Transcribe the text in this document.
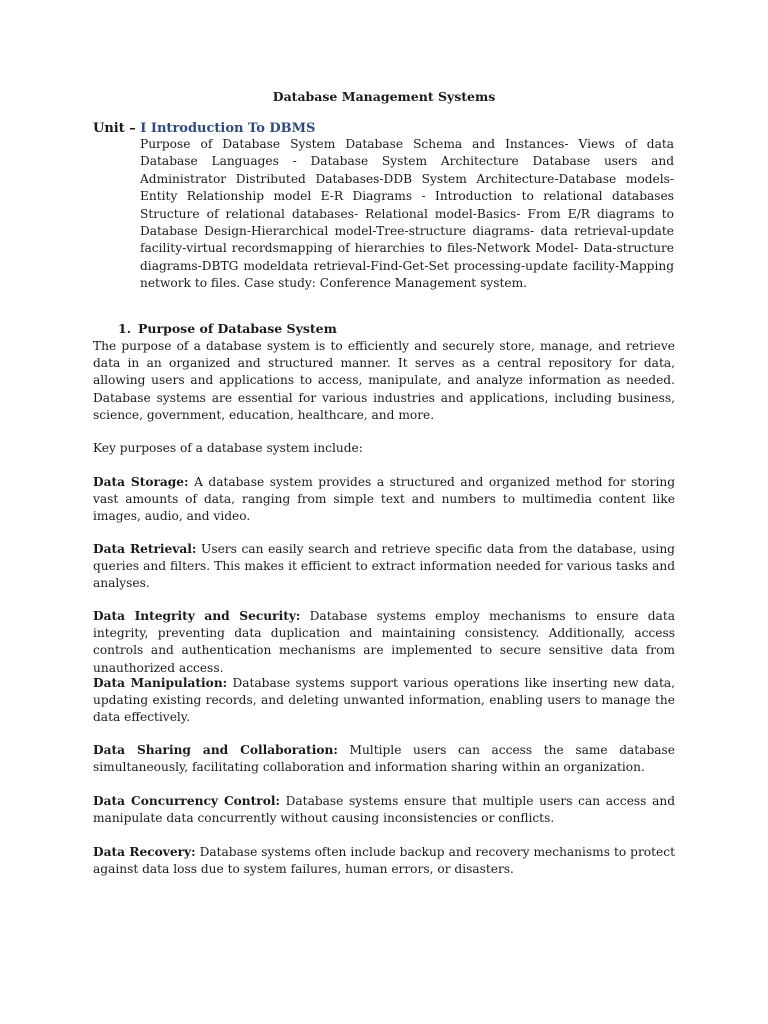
Database Management Systems
Unit – I Introduction To DBMS
Purpose of Database System Database Schema and Instances- Views of data Database Languages - Database System Architecture Database users and Administrator Distributed Databases-DDB System Architecture-Database models-Entity Relationship model E-R Diagrams - Introduction to relational databases Structure of relational databases- Relational model-Basics- From E/R diagrams to Database Design-Hierarchical model-Tree-structure diagrams- data retrieval-update facility-virtual recordsmapping of hierarchies to files-Network Model- Data-structure diagrams-DBTG modeldata retrieval-Find-Get-Set processing-update facility-Mapping network to files. Case study: Conference Management system.
1. Purpose of Database System
The purpose of a database system is to efficiently and securely store, manage, and retrieve data in an organized and structured manner. It serves as a central repository for data, allowing users and applications to access, manipulate, and analyze information as needed. Database systems are essential for various industries and applications, including business, science, government, education, healthcare, and more.
Key purposes of a database system include:
Data Storage: A database system provides a structured and organized method for storing vast amounts of data, ranging from simple text and numbers to multimedia content like images, audio, and video.
Data Retrieval: Users can easily search and retrieve specific data from the database, using queries and filters. This makes it efficient to extract information needed for various tasks and analyses.
Data Integrity and Security: Database systems employ mechanisms to ensure data integrity, preventing data duplication and maintaining consistency. Additionally, access controls and authentication mechanisms are implemented to secure sensitive data from unauthorized access.
Data Manipulation: Database systems support various operations like inserting new data, updating existing records, and deleting unwanted information, enabling users to manage the data effectively.
Data Sharing and Collaboration: Multiple users can access the same database simultaneously, facilitating collaboration and information sharing within an organization.
Data Concurrency Control: Database systems ensure that multiple users can access and manipulate data concurrently without causing inconsistencies or conflicts.
Data Recovery: Database systems often include backup and recovery mechanisms to protect against data loss due to system failures, human errors, or disasters.
